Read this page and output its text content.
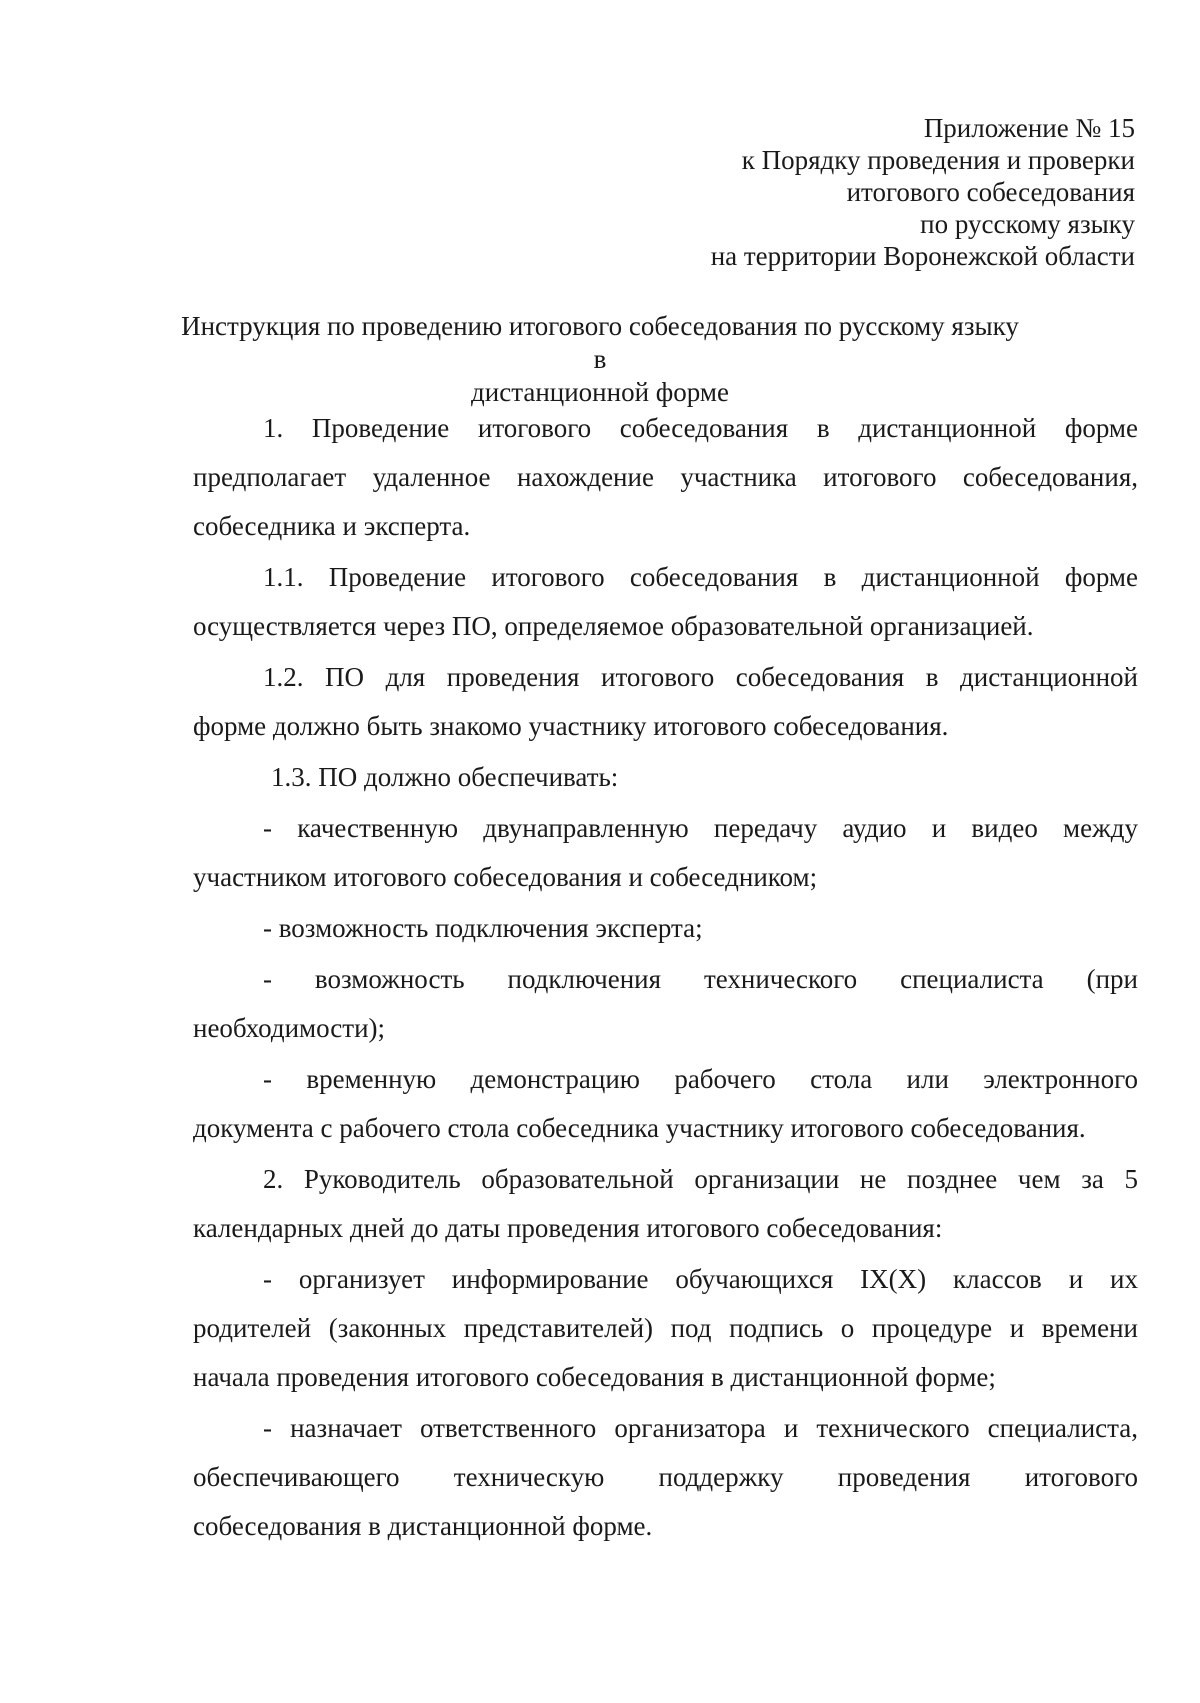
Приложение № 15
к Порядку проведения и проверки
итогового собеседования
по русскому языку
на территории Воронежской области
Инструкция по проведению итогового собеседования по русскому языку в
дистанционной форме
1. Проведение итогового собеседования в дистанционной форме
предполагает удаленное нахождение участника итогового собеседования,
собеседника и эксперта.
1.1. Проведение итогового собеседования в дистанционной форме
осуществляется через ПО, определяемое образовательной организацией.
1.2. ПО для проведения итогового собеседования в дистанционной
форме должно быть знакомо участнику итогового собеседования.
1.3. ПО должно обеспечивать:
- качественную двунаправленную передачу аудио и видео между
участником итогового собеседования и собеседником;
- возможность подключения эксперта;
- возможность подключения технического специалиста (при
необходимости);
- временную демонстрацию рабочего стола или электронного
документа с рабочего стола собеседника участнику итогового собеседования.
2. Руководитель образовательной организации не позднее чем за 5
календарных дней до даты проведения итогового собеседования:
- организует информирование обучающихся IX(X) классов и их
родителей (законных представителей) под подпись о процедуре и времени
начала проведения итогового собеседования в дистанционной форме;
- назначает ответственного организатора и технического специалиста,
обеспечивающего техническую поддержку проведения итогового
собеседования в дистанционной форме.
